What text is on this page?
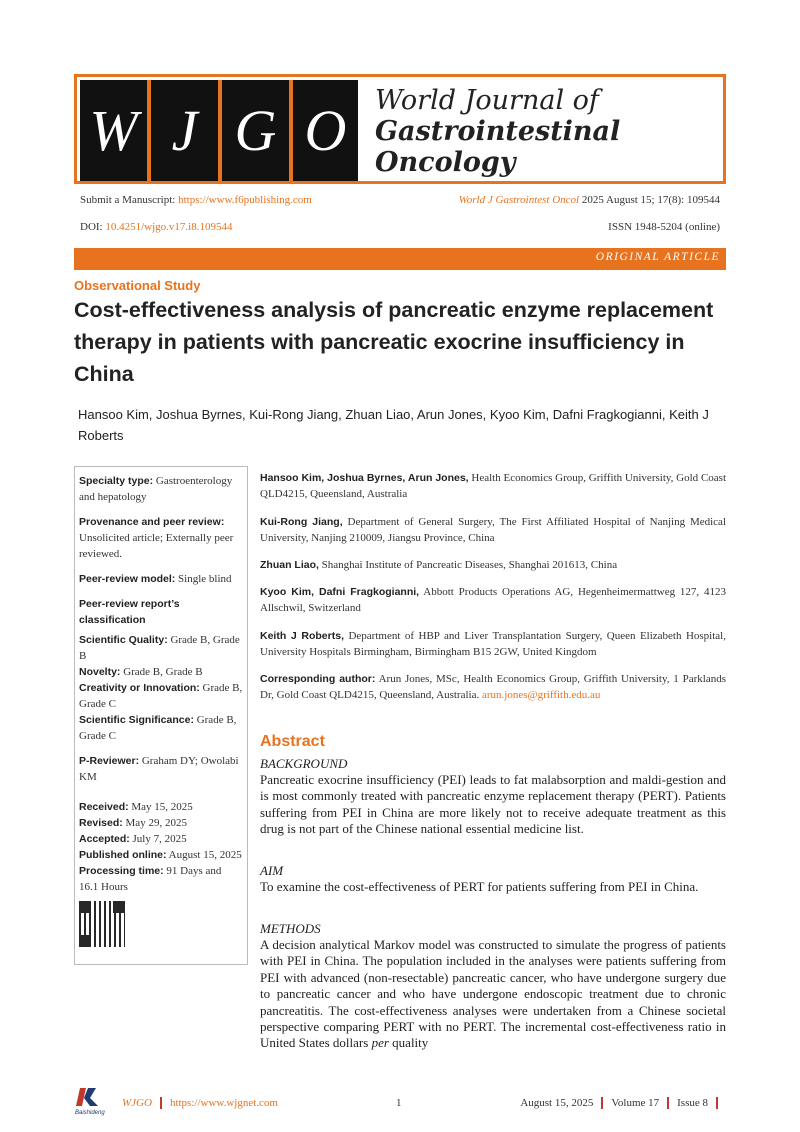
W J G O	World Journal of
Gastrointestinal
Oncology
Submit a Manuscript: https://www.f6publishing.com	World J Gastrointest Oncol 2025 August 15; 17(8): 109544
DOI: 10.4251/wjgo.v17.i8.109544	ISSN 1948-5204 (online)
ORIGINAL ARTICLE
Observational Study
Cost-effectiveness analysis of pancreatic enzyme replacement therapy in patients with pancreatic exocrine insufficiency in China
Hansoo Kim, Joshua Byrnes, Kui-Rong Jiang, Zhuan Liao, Arun Jones, Kyoo Kim, Dafni Fragkogianni, Keith J Roberts

Specialty type: Gastroenterology and hepatology

Provenance and peer review:
Unsolicited article; Externally peer reviewed.

Peer-review model: Single blind

Peer-review report’s classification

Scientific Quality: Grade B, Grade B

Novelty: Grade B, Grade B

Creativity or Innovation: Grade B, Grade C

Scientific Significance: Grade B, Grade C

P-Reviewer: Graham DY; Owolabi KM

Received: May 15, 2025

Revised: May 29, 2025

Accepted: July 7, 2025

Published online: August 15, 2025

Processing time: 91 Days and 16.1 Hours

Hansoo Kim, Joshua Byrnes, Arun Jones, Health Economics Group, Griffith University, Gold Coast QLD4215, Queensland, Australia
Kui-Rong Jiang, Department of General Surgery, The First Affiliated Hospital of Nanjing Medical University, Nanjing 210009, Jiangsu Province, China
Zhuan Liao, Shanghai Institute of Pancreatic Diseases, Shanghai 201613, China
Kyoo Kim, Dafni Fragkogianni, Abbott Products Operations AG, Hegenheimermattweg 127, 4123 Allschwil, Switzerland
Keith J Roberts, Department of HBP and Liver Transplantation Surgery, Queen Elizabeth Hospital, University Hospitals Birmingham, Birmingham B15 2GW, United Kingdom
Corresponding author: Arun Jones, MSc, Health Economics Group, Griffith University, 1 Parklands Dr, Gold Coast QLD4215, Queensland, Australia. arun.jones@griffith.edu.au
Abstract
BACKGROUND
Pancreatic exocrine insufficiency (PEI) leads to fat malabsorption and maldi-gestion and is most commonly treated with pancreatic enzyme replacement therapy (PERT). Patients suffering from PEI in China are more likely not to receive adequate treatment as this drug is not part of the Chinese national essential medicine list.
AIM
To examine the cost-effectiveness of PERT for patients suffering from PEI in China.
METHODS
A decision analytical Markov model was constructed to simulate the progress of patients with PEI in China. The population included in the analyses were patients suffering from PEI with advanced (non-resectable) pancreatic cancer, who have undergone surgery due to pancreatic cancer and who have undergone endoscopic treatment due to chronic pancreatitis. The cost-effectiveness analyses were undertaken from a Chinese societal perspective comparing PERT with no PERT. The incremental cost-effectiveness ratio in United States dollars per quality
Baishideng
WJGO https://www.wjgnet.com	1	August 15, 2025 Volume 17 Issue 8
